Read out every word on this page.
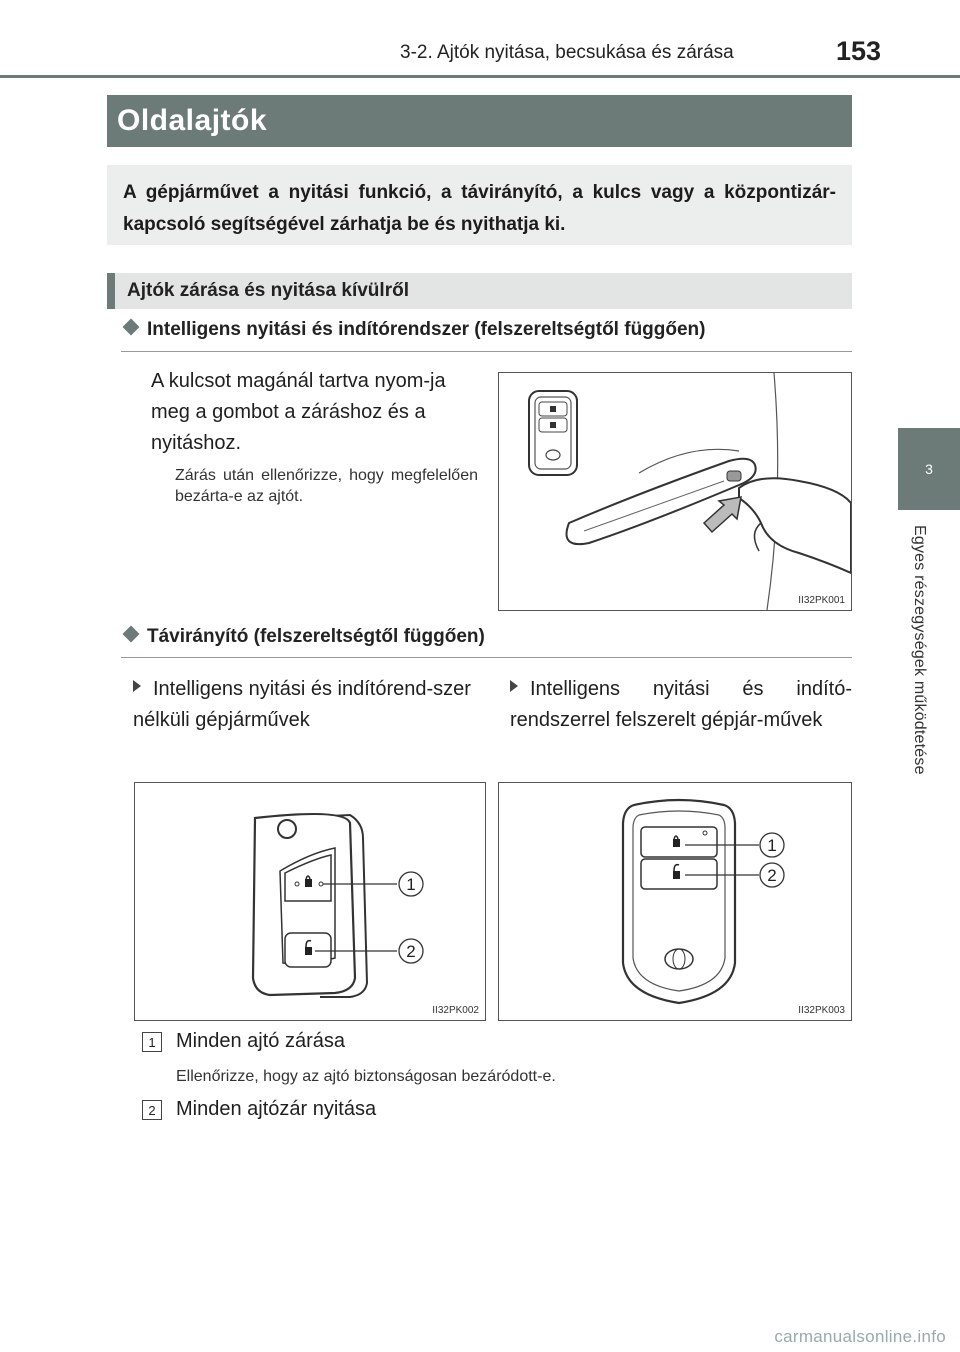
3-2. Ajtók nyitása, becsukása és zárása	153
3
Egyes részegységek működtetése
Oldalajtók
A gépjárművet a nyitási funkció, a távirányító, a kulcs vagy a központizár-kapcsoló segítségével zárhatja be és nyithatja ki.
Ajtók zárása és nyitása kívülről
Intelligens nyitási és indítórendszer (felszereltségtől függően)
A kulcsot magánál tartva nyom-ja meg a gombot a záráshoz és a nyitáshoz.
Zárás után ellenőrizze, hogy megfelelően bezárta-e az ajtót.
II32PK001
Távirányító (felszereltségtől függően)
Intelligens nyitási és indítórend-szer nélküli gépjárművek
Intelligens nyitási és indító-rendszerrel felszerelt gépjár-művek
1
2
II32PK002
1
2
II32PK003
1	Minden ajtó zárása
Ellenőrizze, hogy az ajtó biztonságosan bezáródott-e.
2	Minden ajtózár nyitása
carmanualsonline.info
